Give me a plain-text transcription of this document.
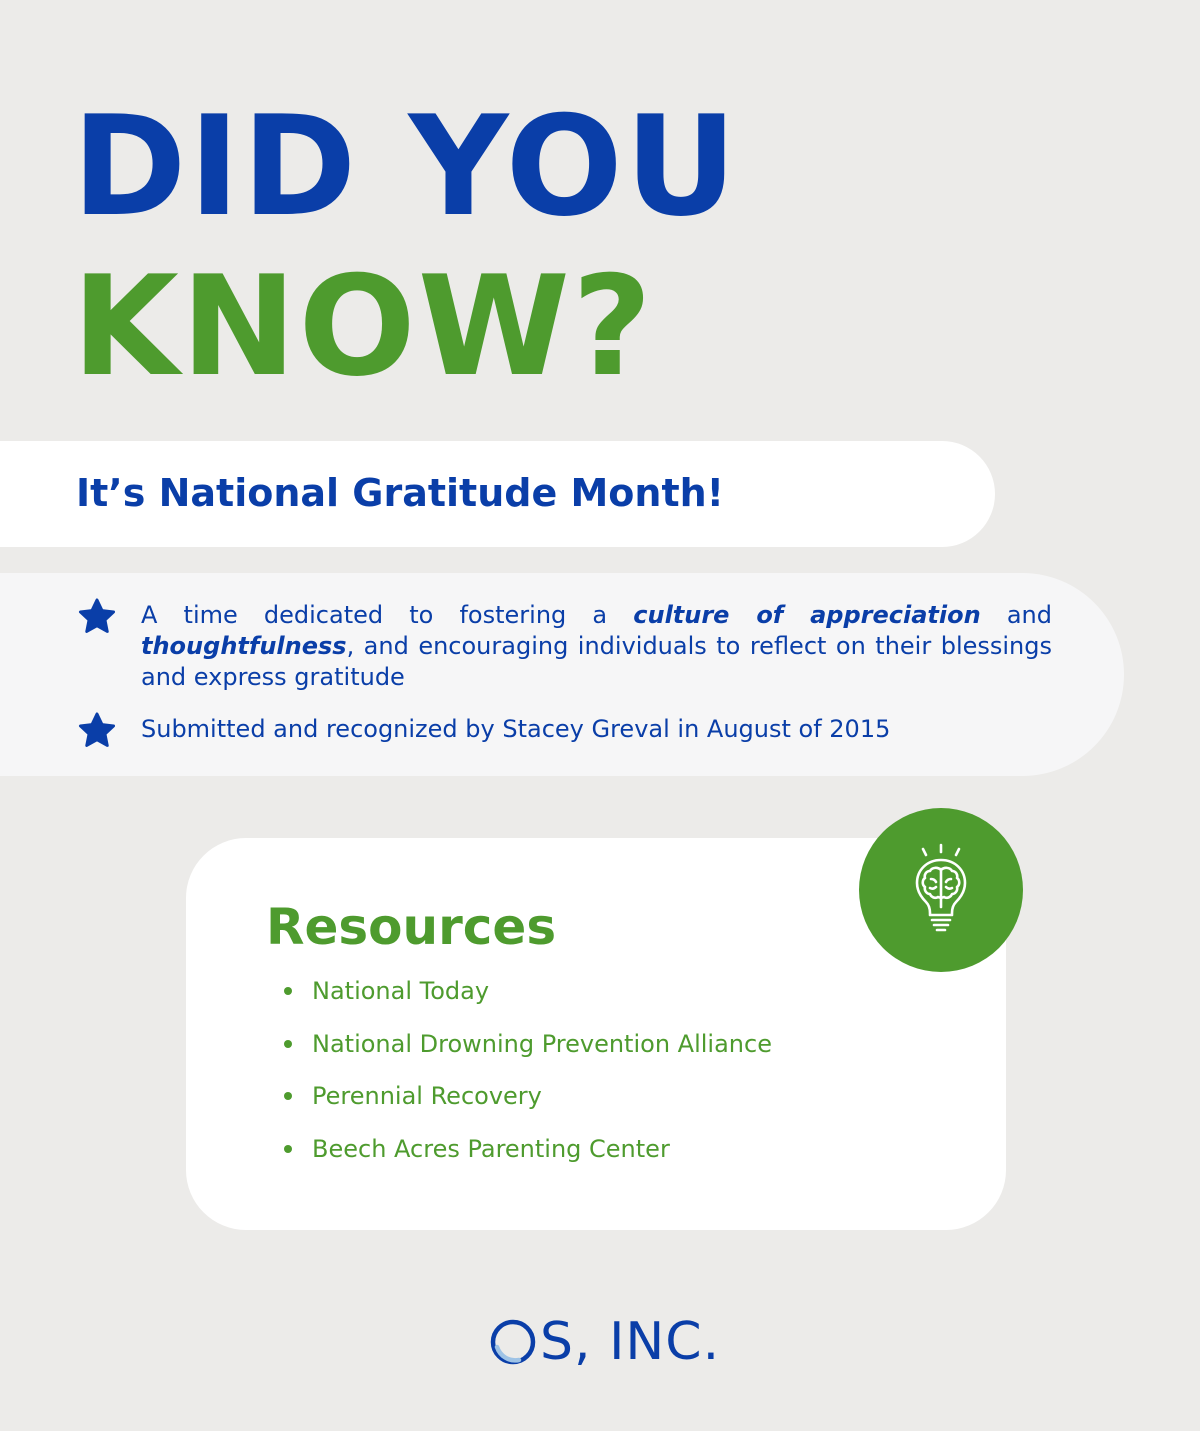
DID YOU
KNOW?
It’s National Gratitude Month!
A time dedicated to fostering a culture of appreciation and thoughtfulness, and encouraging individuals to reflect on their blessings and express gratitude
Submitted and recognized by Stacey Greval in August of 2015
Resources
National Today
National Drowning Prevention Alliance
Perennial Recovery
Beech Acres Parenting Center
S, INC.
